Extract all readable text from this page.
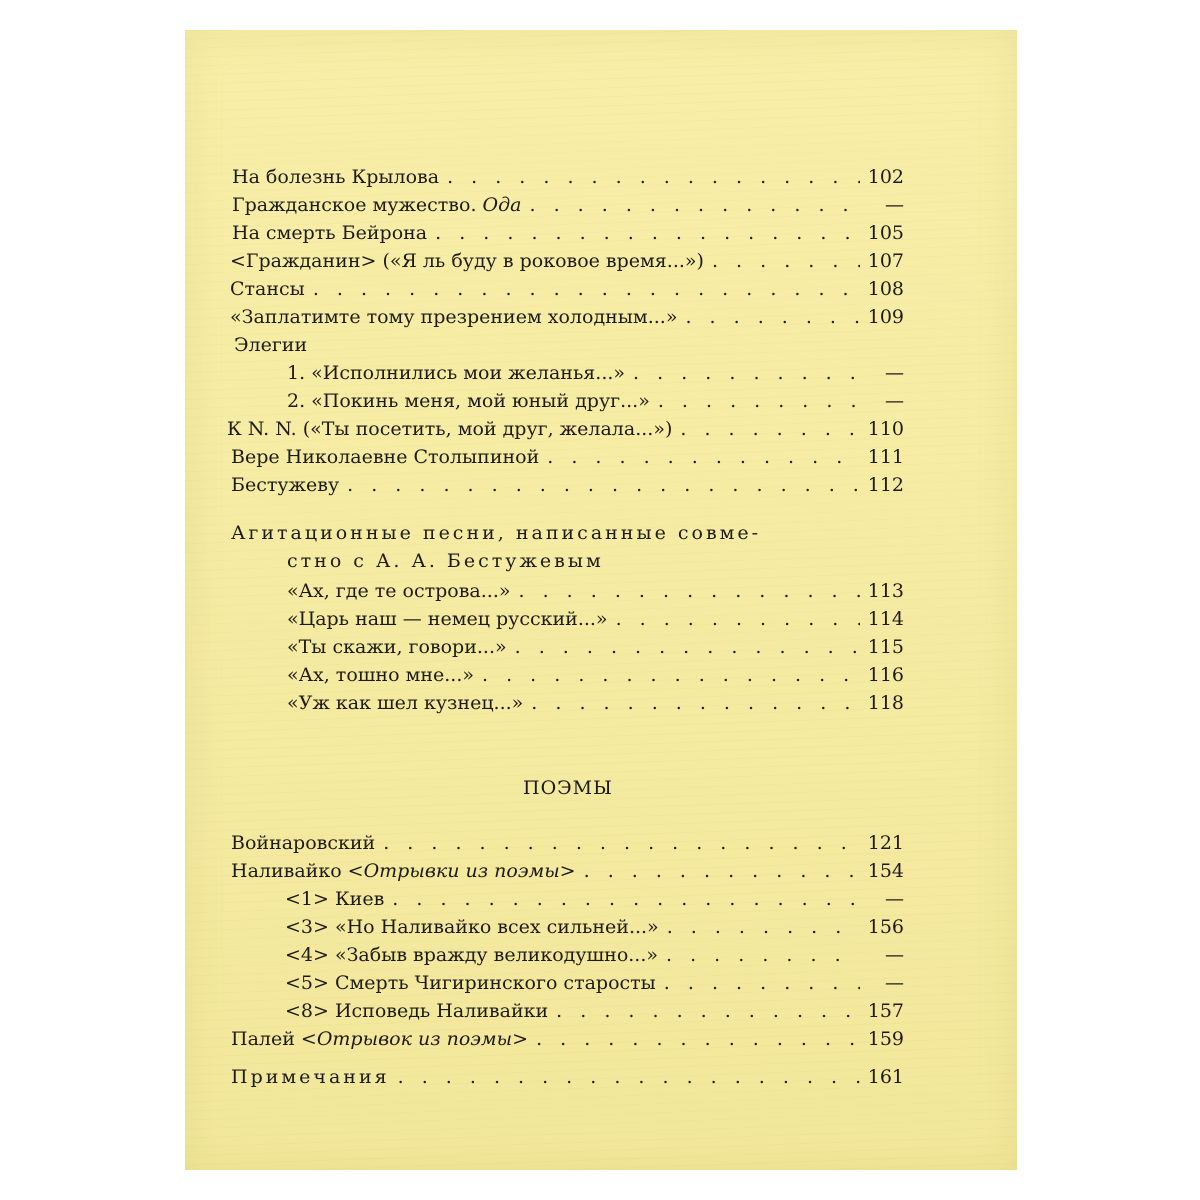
На болезнь Крылова . . .	102
Гражданское мужество. Ода . . .	—
На смерть Бейрона . . .	105
<Гражданин> («Я ль буду в роковое время...») . . .	107
Стансы . . .	108
«Заплатимте тому презрением холодным...» . . .	109
Элегии
1. «Исполнились мои желанья...» . . .	—
2. «Покинь меня, мой юный друг...» . . .	—
К N. N. («Ты посетить, мой друг, желала...») . . .	110
Вере Николаевне Столыпиной . . .	111
Бестужеву . . .	112
Агитационные песни, написанные совме-
стно с А. А. Бестужевым
«Ах, где те острова...» . . .	113
«Царь наш — немец русский...» . . .	114
«Ты скажи, говори...» . . .	115
«Ах, тошно мне...» . . .	116
«Уж как шел кузнец...» . . .	118
ПОЭМЫ
Войнаровский . . .	121
Наливайко <Отрывки из поэмы> . . .	154
<1> Киев . . .	—
<3> «Но Наливайко всех сильней...» . . .	156
<4> «Забыв вражду великодушно...» . . .	—
<5> Смерть Чигиринского старосты . . .	—
<8> Исповедь Наливайки . . .	157
Палей <Отрывок из поэмы> . . .	159
Примечания . . .	161
